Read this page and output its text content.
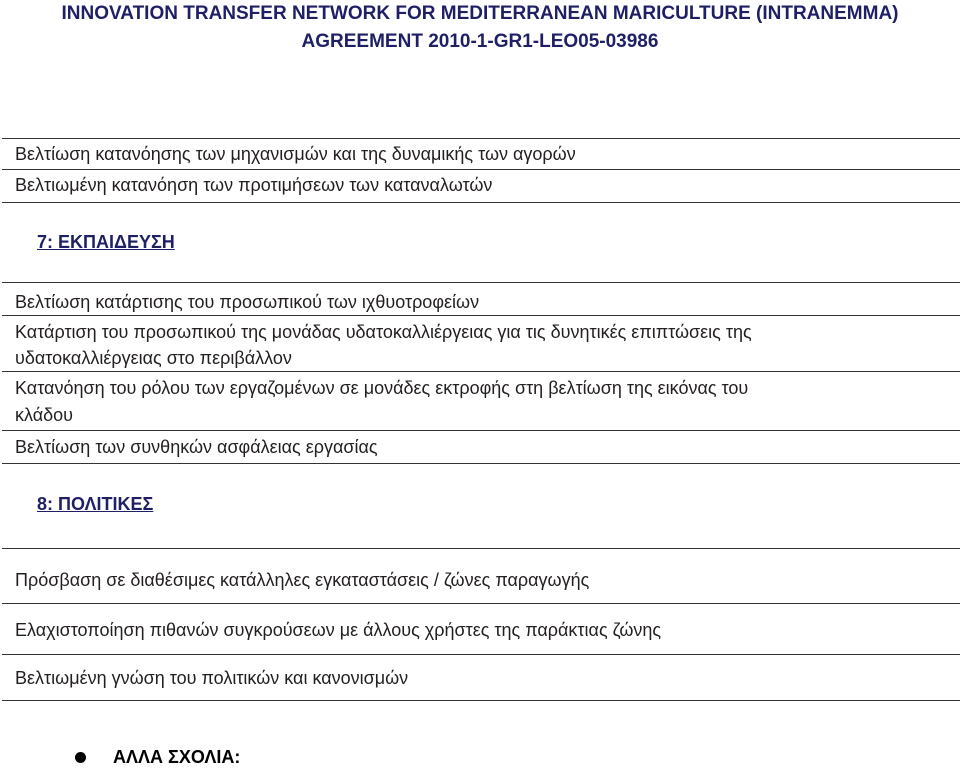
INNOVATION TRANSFER NETWORK FOR MEDITERRANEAN MARICULTURE (INTRANEMMA)
AGREEMENT 2010-1-GR1-LEO05-03986
Βελτίωση κατανόησης των μηχανισμών και της δυναμικής των αγορών
Βελτιωμένη κατανόηση των προτιμήσεων των καταναλωτών
7: ΕΚΠΑΙΔΕΥΣΗ
Βελτίωση κατάρτισης του προσωπικού των ιχθυοτροφείων
Κατάρτιση του προσωπικού της μονάδας υδατοκαλλιέργειας για τις δυνητικές επιπτώσεις της
υδατοκαλλιέργειας στο περιβάλλον
Κατανόηση του ρόλου των εργαζομένων σε μονάδες εκτροφής στη βελτίωση της εικόνας του
κλάδου
Βελτίωση των συνθηκών ασφάλειας εργασίας
8: ΠΟΛΙΤΙΚΕΣ
Πρόσβαση σε διαθέσιμες κατάλληλες εγκαταστάσεις / ζώνες παραγωγής
Ελαχιστοποίηση πιθανών συγκρούσεων με άλλους χρήστες της παράκτιας ζώνης
Βελτιωμένη γνώση του πολιτικών και κανονισμών
ΑΛΛΑ ΣΧΟΛΙΑ:
